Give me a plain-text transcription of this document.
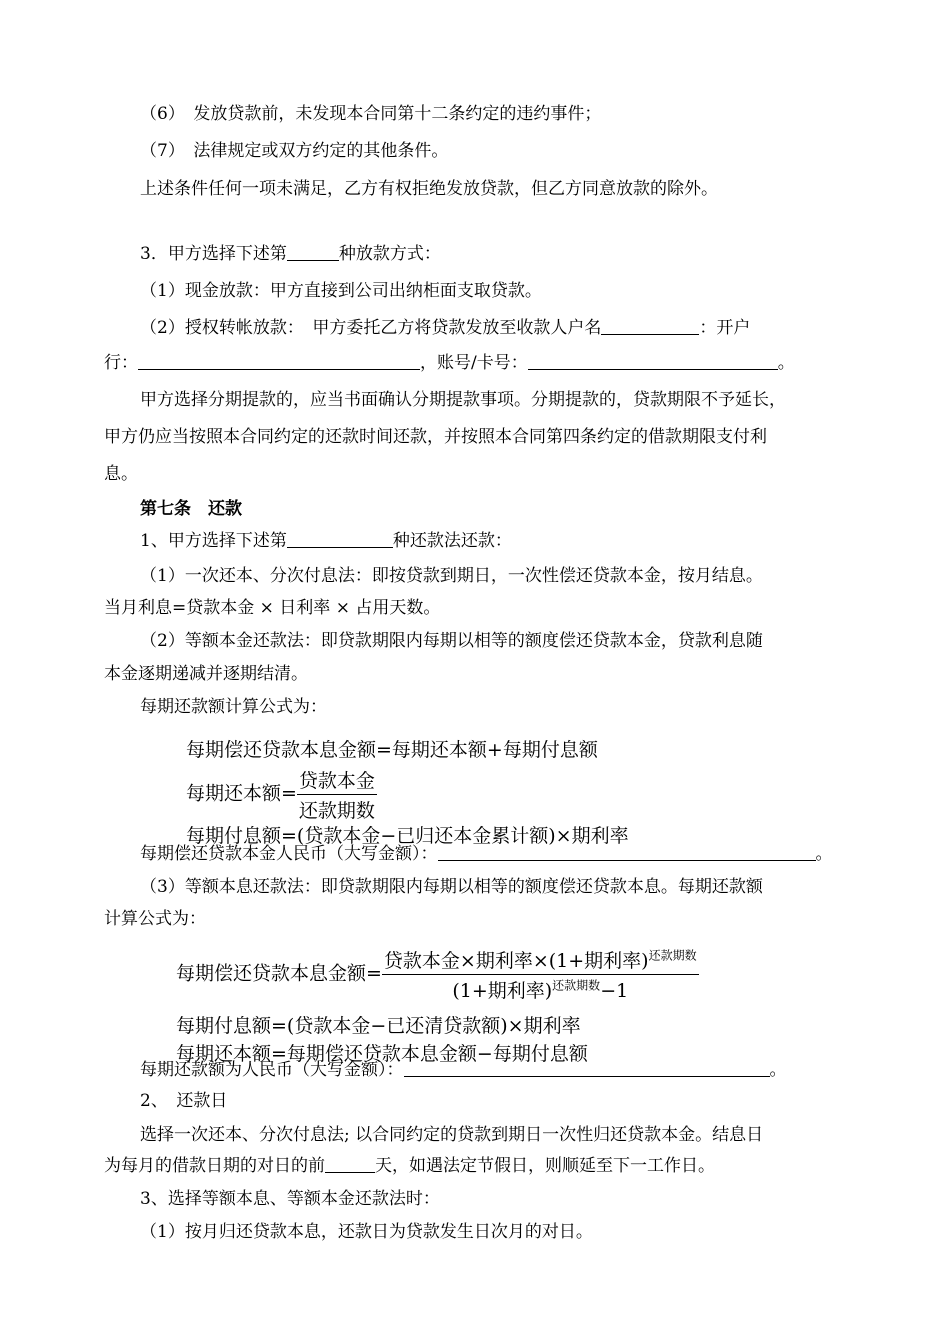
（6）　发放贷款前，未发现本合同第十二条约定的违约事件；
（7）　法律规定或双方约定的其他条件。
上述条件任何一项未满足，乙方有权拒绝发放贷款，但乙方同意放款的除外。
3．甲方选择下述第	种放款方式：
（1）现金放款：甲方直接到公司出纳柜面支取贷款。
（2）授权转帐放款：　甲方委托乙方将贷款发放至收款人户名	：开户
行：	，账号/卡号：	。
甲方选择分期提款的，应当书面确认分期提款事项。分期提款的，贷款期限不予延长，
甲方仍应当按照本合同约定的还款时间还款，并按照本合同第四条约定的借款期限支付利
息。
第七条　还款
1、甲方选择下述第	种还款法还款：
（1）一次还本、分次付息法：即按贷款到期日，一次性偿还贷款本金，按月结息。
当月利息=贷款本金 × 日利率 × 占用天数。
（2）等额本金还款法：即贷款期限内每期以相等的额度偿还贷款本金，贷款利息随
本金逐期递减并逐期结清。
每期还款额计算公式为：
每期偿还贷款本息金额=每期还本额+每期付息额
每期还本额= $\frac{\text{贷款本金}}{\text{还款期数}}$
每期付息额=(贷款本金−已归还本金累计额)×期利率
每期偿还贷款本金人民币（大写金额）：	。
（3）等额本息还款法：即贷款期限内每期以相等的额度偿还贷款本息。每期还款额
计算公式为：
每期偿还贷款本息金额= $\frac{贷款本金\times 期利率\times(1+期利率)^{还款期数}}{(1+期利率)^{还款期数}-1}$
每期付息额=(贷款本金−已还清贷款额)×期利率
每期还本额=每期偿还贷款本息金额−每期付息额
每期还款额为人民币（大写金额）：	。
2、　还款日
选择一次还本、分次付息法; 以合同约定的贷款到期日一次性归还贷款本金。结息日
为每月的借款日期的对日的前	天，如遇法定节假日，则顺延至下一工作日。
3、选择等额本息、等额本金还款法时：
（1）按月归还贷款本息，还款日为贷款发生日次月的对日。
